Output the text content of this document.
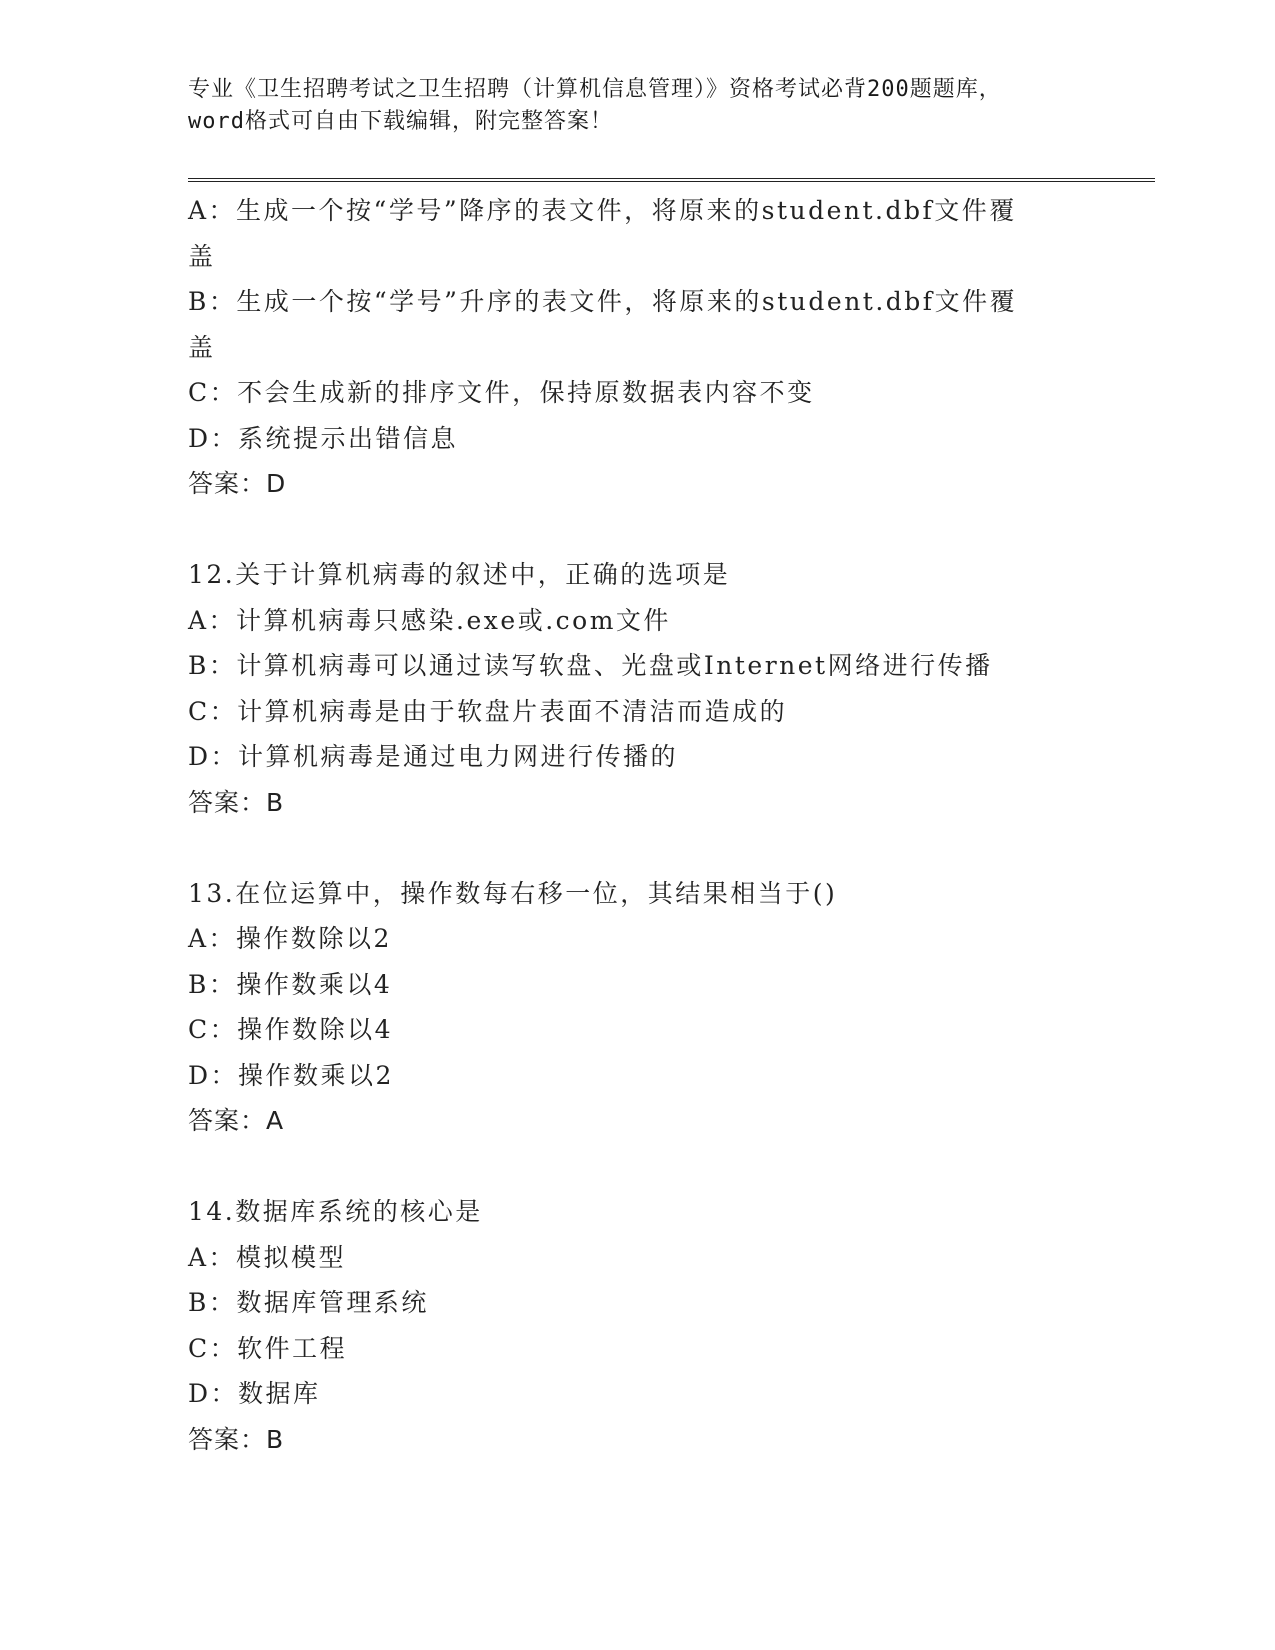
专业《卫生招聘考试之卫生招聘（计算机信息管理）》资格考试必背200题题库，
word格式可自由下载编辑，附完整答案！
A：生成一个按“学号”降序的表文件，将原来的student.dbf文件覆
盖
B：生成一个按“学号”升序的表文件，将原来的student.dbf文件覆
盖
C：不会生成新的排序文件，保持原数据表内容不变
D：系统提示出错信息
答案：D
12.关于计算机病毒的叙述中，正确的选项是
A：计算机病毒只感染.exe或.com文件
B：计算机病毒可以通过读写软盘、光盘或Internet网络进行传播
C：计算机病毒是由于软盘片表面不清洁而造成的
D：计算机病毒是通过电力网进行传播的
答案：B
13.在位运算中，操作数每右移一位，其结果相当于()
A：操作数除以2
B：操作数乘以4
C：操作数除以4
D：操作数乘以2
答案：A
14.数据库系统的核心是
A：模拟模型
B：数据库管理系统
C：软件工程
D：数据库
答案：B
